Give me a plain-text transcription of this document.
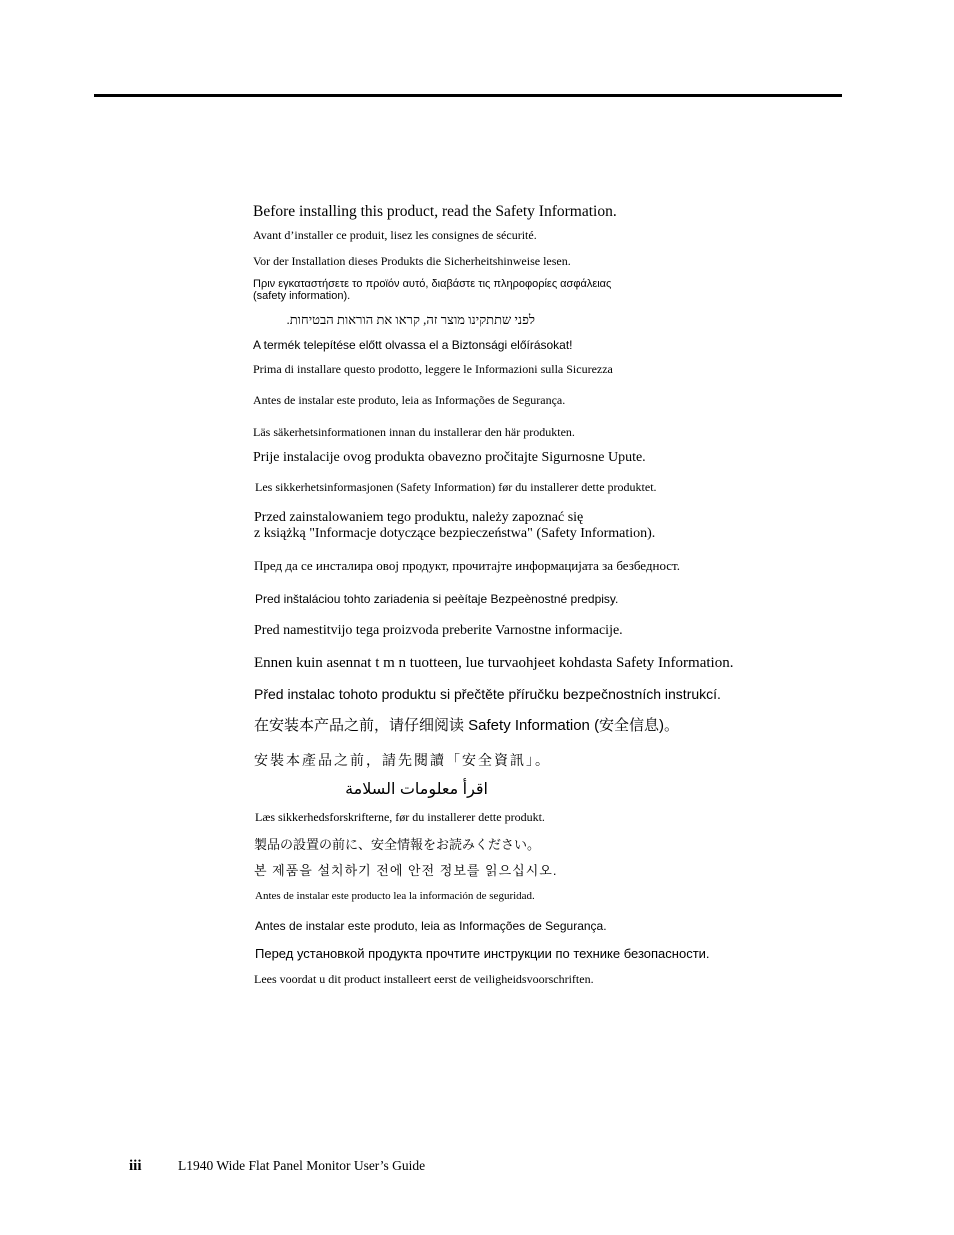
Before installing this product, read the Safety Information.
Avant d’installer ce produit, lisez les consignes de sécurité.
Vor der Installation dieses Produkts die Sicherheitshinweise lesen.
Πριν εγκαταστήσετε το προϊόν αυτό, διαβάστε τις πληροφορίες ασφάλειας
(safety information).
לפני שתתקינו מוצר זה, קראו את הוראות הבטיחות.
A termék telepítése előtt olvassa el a Biztonsági előírásokat!
Prima di installare questo prodotto, leggere le Informazioni sulla Sicurezza
Antes de instalar este produto, leia as Informações de Segurança.
Läs säkerhetsinformationen innan du installerar den här produkten.
Prije instalacije ovog produkta obavezno pročitajte Sigurnosne Upute.
Les sikkerhetsinformasjonen (Safety Information) før du installerer dette produktet.
Przed zainstalowaniem tego produktu, należy zapoznać się
z książką "Informacje dotyczące bezpieczeństwa" (Safety Information).
Пред да се инсталира овој продукт, прочитајте информацијата за безбедност.
Pred inštaláciou tohto zariadenia si peèítaje Bezpeènostné predpisy.
Pred namestitvijo tega proizvoda preberite Varnostne informacije.
Ennen kuin asennat t m n tuotteen, lue turvaohjeet kohdasta Safety Information.
Před instalac tohoto produktu si přečtěte příručku bezpečnostních instrukcí.
在安装本产品之前，请仔细阅读 Safety Information (安全信息)。
安裝本產品之前，請先閱讀「安全資訊」。
اقرأ معلومات السلامة
Læs sikkerhedsforskrifterne, før du installerer dette produkt.
製品の設置の前に、安全情報をお読みください。
본 제품을 설치하기 전에 안전 정보를 읽으십시오.
Antes de instalar este producto lea la información de seguridad.
Antes de instalar este produto, leia as Informações de Segurança.
Перед установкой продукта прочтите инструкции по технике безопасности.
Lees voordat u dit product installeert eerst de veiligheidsvoorschriften.
iii	L1940 Wide Flat Panel Monitor User’s Guide
